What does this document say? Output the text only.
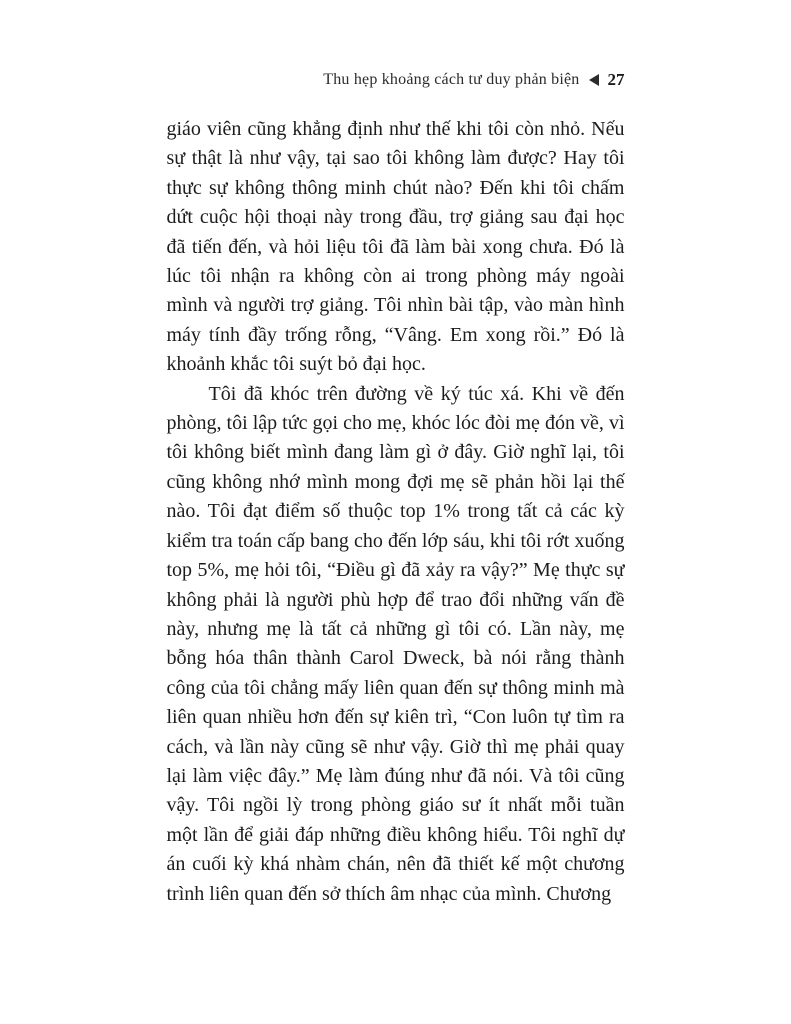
Thu hẹp khoảng cách tư duy phản biện 27

giáo viên cũng khẳng định như thế khi tôi còn nhỏ. Nếu sự thật là như vậy, tại sao tôi không làm được? Hay tôi thực sự không thông minh chút nào? Đến khi tôi chấm dứt cuộc hội thoại này trong đầu, trợ giảng sau đại học đã tiến đến, và hỏi liệu tôi đã làm bài xong chưa. Đó là lúc tôi nhận ra không còn ai trong phòng máy ngoài mình và người trợ giảng. Tôi nhìn bài tập, vào màn hình máy tính đầy trống rỗng, “Vâng. Em xong rồi.” Đó là khoảnh khắc tôi suýt bỏ đại học.

Tôi đã khóc trên đường về ký túc xá. Khi về đến phòng, tôi lập tức gọi cho mẹ, khóc lóc đòi mẹ đón về, vì tôi không biết mình đang làm gì ở đây. Giờ nghĩ lại, tôi cũng không nhớ mình mong đợi mẹ sẽ phản hồi lại thế nào. Tôi đạt điểm số thuộc top 1% trong tất cả các kỳ kiểm tra toán cấp bang cho đến lớp sáu, khi tôi rớt xuống top 5%, mẹ hỏi tôi, “Điều gì đã xảy ra vậy?” Mẹ thực sự không phải là người phù hợp để trao đổi những vấn đề này, nhưng mẹ là tất cả những gì tôi có. Lần này, mẹ bỗng hóa thân thành Carol Dweck, bà nói rằng thành công của tôi chẳng mấy liên quan đến sự thông minh mà liên quan nhiều hơn đến sự kiên trì, “Con luôn tự tìm ra cách, và lần này cũng sẽ như vậy. Giờ thì mẹ phải quay lại làm việc đây.” Mẹ làm đúng như đã nói. Và tôi cũng vậy. Tôi ngồi lỳ trong phòng giáo sư ít nhất mỗi tuần một lần để giải đáp những điều không hiểu. Tôi nghĩ dự án cuối kỳ khá nhàm chán, nên đã thiết kế một chương trình liên quan đến sở thích âm nhạc của mình. Chương
